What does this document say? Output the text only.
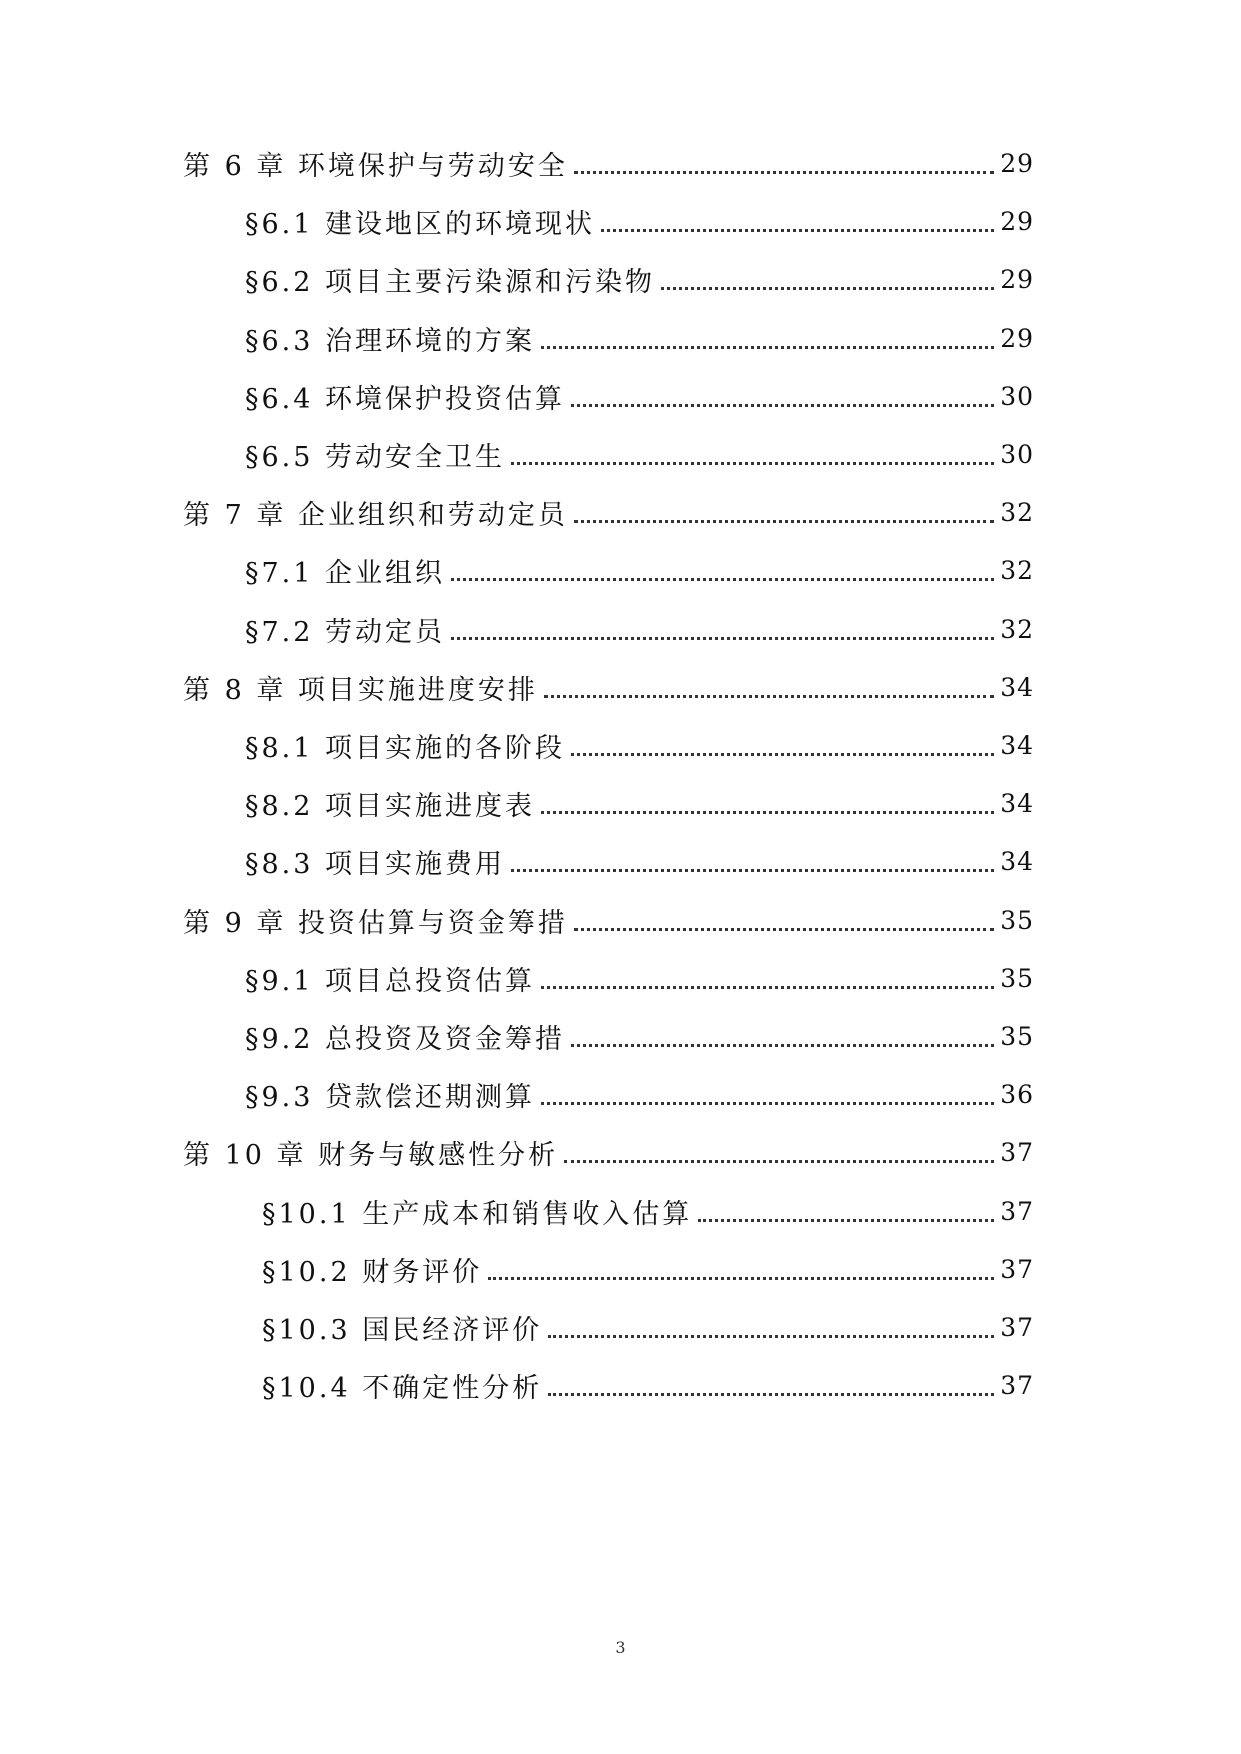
第 6 章 环境保护与劳动安全	29
§6.1 建设地区的环境现状	29
§6.2 项目主要污染源和污染物	29
§6.3 治理环境的方案	29
§6.4 环境保护投资估算	30
§6.5 劳动安全卫生	30
第 7 章 企业组织和劳动定员	32
§7.1 企业组织	32
§7.2 劳动定员	32
第 8 章 项目实施进度安排	34
§8.1 项目实施的各阶段	34
§8.2 项目实施进度表	34
§8.3 项目实施费用	34
第 9 章 投资估算与资金筹措	35
§9.1 项目总投资估算	35
§9.2 总投资及资金筹措	35
§9.3 贷款偿还期测算	36
第 10 章 财务与敏感性分析	37
§10.1 生产成本和销售收入估算	37
§10.2 财务评价	37
§10.3 国民经济评价	37
§10.4 不确定性分析	37
3
